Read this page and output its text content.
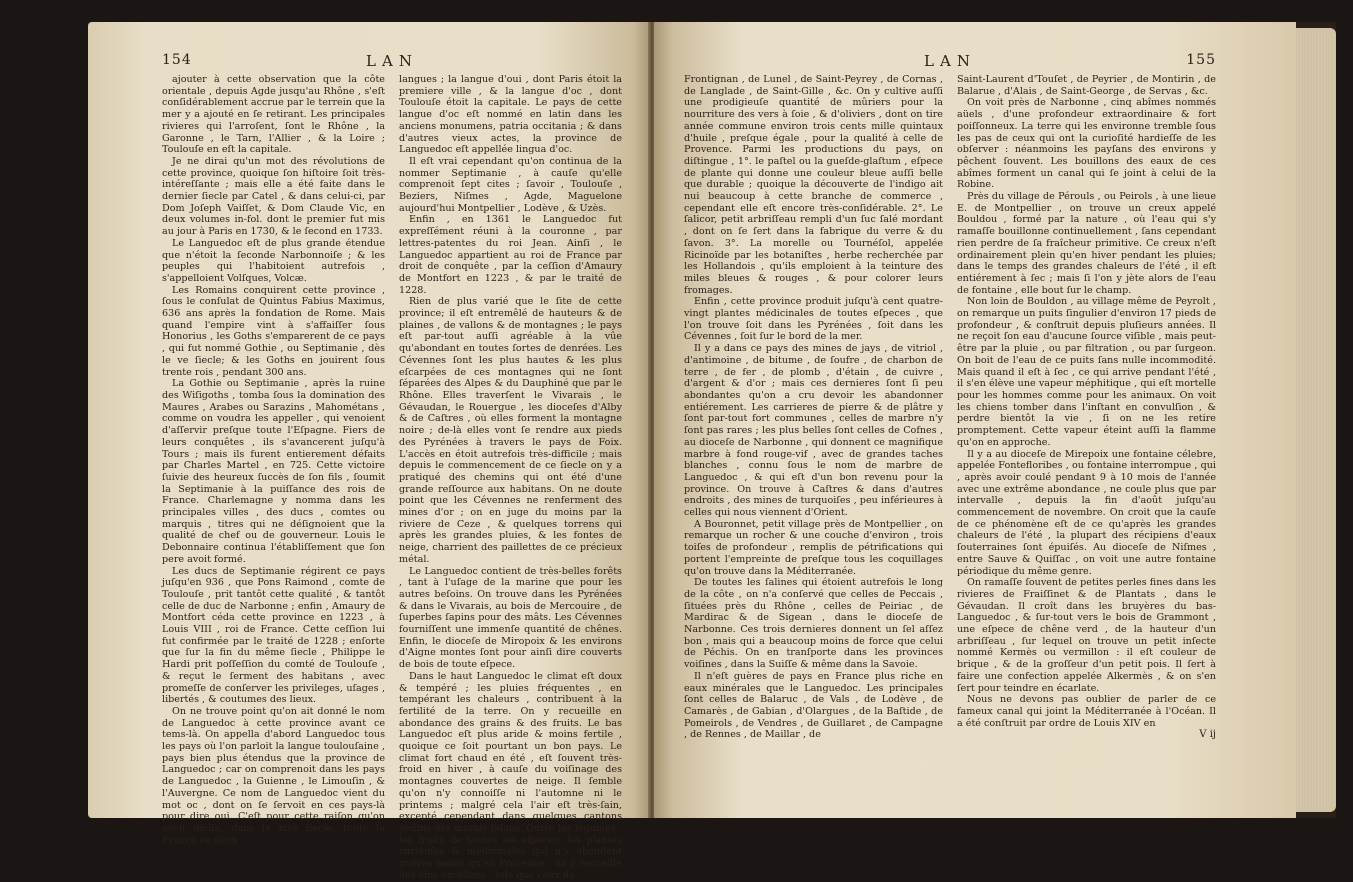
154	LAN

ajouter à cette observation que la côte orientale , depuis Agde jusqu'au Rhône , s'eſt conſidérablement accrue par le terrein que la mer y a ajouté en ſe retirant. Les principales rivieres qui l'arroſent, ſont le Rhône , la Garonne , le Tarn, l'Allier , & la Loire ; Toulouſe en eſt la capitale.

Je ne dirai qu'un mot des révolutions de cette province, quoique ſon hiſtoire ſoit très-intéreſſante ; mais elle a été faite dans le dernier ſiecle par Catel , & dans celui-ci, par Dom Joſeph Vaiſſet, & Dom Claude Vic, en deux volumes in-fol. dont le premier fut mis au jour à Paris en 1730, & le ſecond en 1733.

Le Languedoc eſt de plus grande étendue que n'étoit la ſeconde Narbonnoiſe ; & les peuples qui l'habitoient autrefois , s'appelloient Volſques, Volcæ.

Les Romains conquirent cette province , ſous le conſulat de Quintus Fabius Maximus, 636 ans après la fondation de Rome. Mais quand l'empire vint à s'affaiſſer ſous Honorius , les Goths s'emparerent de ce pays , qui fut nommé Gothie , ou Septimanie , dès le ve ſiecle; & les Goths en jouirent ſous trente rois , pendant 300 ans.

La Gothie ou Septimanie , après la ruine des Wiſigoths , tomba ſous la domination des Maures , Arabes ou Sarazins , Mahométans , comme on voudra les appeller , qui venoient d'aſſervir preſque toute l'Eſpagne. Fiers de leurs conquêtes , ils s'avancerent juſqu'à Tours ; mais ils furent entierement défaits par Charles Martel , en 725. Cette victoire ſuivie des heureux ſuccès de ſon fils , ſoumit la Septimanie à la puiſſance des rois de France. Charlemagne y nomma dans les principales villes , des ducs , comtes ou marquis , titres qui ne déſignoient que la qualité de chef ou de gouverneur. Louis le Debonnaire continua l'établiſſement que ſon pere avoit formé.

Les ducs de Septimanie régirent ce pays juſqu'en 936 , que Pons Raimond , comte de Toulouſe , prit tantôt cette qualité , & tantôt celle de duc de Narbonne ; enfin , Amaury de Montfort céda cette province en 1223 , à Louis VIII , roi de France. Cette ceſſion lui fut confirmée par le traité de 1228 ; enſorte que ſur la fin du même ſiecle , Philippe le Hardi prit poſſeſſion du comté de Toulouſe , & reçut le ſerment des habitans , avec promeſſe de conſerver les privileges, uſages , libertés , & coutumes des lieux.

On ne trouve point qu'on ait donné le nom de Languedoc à cette province avant ce tems-là. On appella d'abord Languedoc tous les pays où l'on parloit la langue toulouſaine , pays bien plus étendus que la province de Languedoc ; car on comprenoit dans les pays de Languedoc , la Guienne , le Limouſin , & l'Auvergne. Ce nom de Languedoc vient du mot oc , dont on ſe ſervoit en ces pays-là pour dire oui. C'eſt pour cette raiſon qu'on avoit diviſé, dans le xive ſiecle, toute la France en deux

langues ; la langue d'oui , dont Paris étoit la premiere ville , & la langue d'oc , dont Toulouſe étoit la capitale. Le pays de cette langue d'oc eſt nommé en latin dans les anciens monumens, patria occitania ; & dans d'autres vieux actes, la province de Languedoc eſt appellée lingua d'oc.

Il eſt vrai cependant qu'on continua de la nommer Septimanie , à cauſe qu'elle comprenoit ſept cites ; ſavoir , Toulouſe , Beziers, Niſmes , Agde, Maguelone aujourd'hui Montpellier , Lodève , & Uzès.

Enfin , en 1361 le Languedoc fut expreſſément réuni à la couronne , par lettres-patentes du roi Jean. Ainſi , le Languedoc appartient au roi de France par droit de conquête , par la ceſſion d'Amaury de Montfort en 1223 , & par le traité de 1228.

Rien de plus varié que le ſite de cette province; il eſt entremêlé de hauteurs & de plaines , de vallons & de montagnes ; le pays eſt par-tout auſſi agréable à la vûe qu'abondant en toutes ſortes de denrées. Les Cévennes ſont les plus hautes & les plus eſcarpées de ces montagnes qui ne ſont ſéparées des Alpes & du Dauphiné que par le Rhône. Elles traverſent le Vivarais , le Gévaudan, le Rouergue , les dioceſes d'Alby & de Caſtres , où elles forment la montagne noire ; de-là elles vont ſe rendre aux pieds des Pyrénées à travers le pays de Foix. L'accès en étoit autrefois très-difficile ; mais depuis le commencement de ce ſiecle on y a pratiqué des chemins qui ont été d'une grande reſſource aux habitans. On ne doute point que les Cévennes ne renferment des mines d'or ; on en juge du moins par la riviere de Ceze , & quelques torrens qui après les grandes pluies, & les fontes de neige, charrient des paillettes de ce précieux métal.

Le Languedoc contient de très-belles forêts , tant à l'uſage de la marine que pour les autres beſoins. On trouve dans les Pyrénées & dans le Vivarais, au bois de Mercouire , de ſuperbes ſapins pour des mâts. Les Cévennes fourniſſent une immenſe quantité de chênes. Enfin, le dioceſe de Miropoix & les environs d'Aigne montes ſont pour ainſi dire couverts de bois de toute eſpece.

Dans le haut Languedoc le climat eſt doux & tempéré ; les pluies fréquentes , en tempérant les chaleurs , contribuent à la fertilité de la terre. On y recueille en abondance des grains & des fruits. Le bas Languedoc eſt plus aride & moins fertile , quoique ce ſoit pourtant un bon pays. Le climat fort chaud en été , eſt ſouvent très-froid en hiver , à cauſe du voiſinage des montagnes couvertes de neige. Il ſemble qu'on n'y connoiſſe ni l'automne ni le printems ; malgré cela l'air eſt très-ſain, excepté cependant dans quelques cantons voiſins des marais ſalans. Outre les légumes , les fruits de toutes les eſpeces, les plantes curieuſes & médicinales qui n'y abondent guères moins qu'en Provence , on y recueille des vins excellens , tels que ceux de

LAN	155

Frontignan , de Lunel , de Saint-Peyrey , de Cornas , de Langlade , de Saint-Gille , &c. On y cultive auſſi une prodigieuſe quantité de mûriers pour la nourriture des vers à ſoie , & d'oliviers , dont on tire année commune environ trois cents mille quintaux d'huile , preſque égale , pour la qualité à celle de Provence. Parmi les productions du pays, on diſtingue , 1°. le paſtel ou la gueſde-glaſtum , eſpece de plante qui donne une couleur bleue auſſi belle que durable ; quoique la découverte de l'indigo ait nui beaucoup à cette branche de commerce , cependant elle eſt encore très-conſidérable. 2°. Le ſalicor, petit arbriſſeau rempli d'un ſuc ſalé mordant , dont on ſe ſert dans la fabrique du verre & du ſavon. 3°. La morelle ou Tournéſol, appelée Ricinoïde par les botaniſtes , herbe recherchée par les Hollandois , qu'ils emploient à la teinture des miles bleues & rouges , & pour colorer leurs fromages.

Enfin , cette province produit juſqu'à cent quatre-vingt plantes médicinales de toutes eſpeces , que l'on trouve ſoit dans les Pyrénées , ſoit dans les Cévennes , ſoit ſur le bord de la mer.

Il y a dans ce pays des mines de jays , de vitriol , d'antimoine , de bitume , de ſoufre , de charbon de terre , de fer , de plomb , d'étain , de cuivre , d'argent & d'or ; mais ces dernieres ſont ſi peu abondantes qu'on a cru devoir les abandonner entiérement. Les carrieres de pierre & de plâtre y ſont par-tout fort communes , celles de marbre n'y ſont pas rares ; les plus belles ſont celles de Cofnes , au dioceſe de Narbonne , qui donnent ce magnifique marbre à fond rouge-vif , avec de grandes taches blanches , connu ſous le nom de marbre de Languedoc , & qui eſt d'un bon revenu pour la province. On trouve à Caſtres & dans d'autres endroits , des mines de turquoiſes , peu inférieures à celles qui nous viennent d'Orient.

A Bouronnet, petit village près de Montpellier , on remarque un rocher & une couche d'environ , trois toiſes de profondeur , remplis de pétrifications qui portent l'empreinte de preſque tous les coquillages qu'on trouve dans la Méditerranée.

De toutes les ſalines qui étoient autrefois le long de la côte , on n'a conſervé que celles de Peccais , ſituées près du Rhône , celles de Peiriac , de Mardirac & de Sigean , dans le dioceſe de Narbonne. Ces trois dernieres donnent un ſel aſſez bon , mais qui a beaucoup moins de force que celui de Péchis. On en tranſporte dans les provinces voiſines , dans la Suiſſe & même dans la Savoie.

Il n'eſt guères de pays en France plus riche en eaux minérales que le Languedoc. Les principales ſont celles de Balaruc , de Vals , de Lodève , de Camarès , de Gabian , d'Olargues , de la Baſtide , de Pomeirols , de Vendres , de Guillaret , de Campagne , de Rennes , de Maillar , de

Saint-Laurent d'Touſet , de Peyrier , de Montirin , de Balarue , d'Alais , de Saint-George , de Servas , &c.

On voit près de Narbonne , cinq abîmes nommés aüels , d'une profondeur extraordinaire & fort poiſſonneux. La terre qui les environne tremble ſous les pas de ceux qui ont la curioſité hardieſſe de les obſerver : néanmoins les payſans des environs y pêchent ſouvent. Les bouillons des eaux de ces abîmes forment un canal qui ſe joint à celui de la Robine.

Près du village de Pérouls , ou Peirols , à une lieue E. de Montpellier , on trouve un creux appelé Bouldou , formé par la nature , où l'eau qui s'y ramaſſe bouillonne continuellement , ſans cependant rien perdre de ſa fraîcheur primitive. Ce creux n'eſt ordinairement plein qu'en hiver pendant les pluies; dans le temps des grandes chaleurs de l'été , il eſt entiérement à ſec ; mais ſi l'on y jète alors de l'eau de fontaine , elle bout ſur le champ.

Non loin de Bouldon , au village même de Peyrolt , on remarque un puits ſingulier d'environ 17 pieds de profondeur , & conſtruit depuis pluſieurs années. Il ne reçoit ſon eau d'aucune ſource viſible , mais peut-être par la pluie , ou par filtration , ou par ſurgeon. On boit de l'eau de ce puits ſans nulle incommodité. Mais quand il eſt à ſec , ce qui arrive pendant l'été , il s'en élève une vapeur méphitique , qui eſt mortelle pour les hommes comme pour les animaux. On voit les chiens tomber dans l'inſtant en convulſion , & perdre bientôt la vie , ſi on ne les retire promptement. Cette vapeur éteint auſſi la flamme qu'on en approche.

Il y a au dioceſe de Mirepoix une fontaine célebre, appelée Fontefloribes , ou fontaine interrompue , qui , après avoir coulé pendant 9 à 10 mois de l'année avec une extrême abondance , ne coule plus que par intervalle , depuis la fin d'août juſqu'au commencement de novembre. On croit que la cauſe de ce phénomène eſt de ce qu'après les grandes chaleurs de l'été , la plupart des récipiens d'eaux ſouterraines ſont épuiſés. Au dioceſe de Niſmes , entre Sauve & Quiſſac , on voit une autre fontaine périodique du même genre.

On ramaſſe ſouvent de petites perles fines dans les rivieres de Fraiſſinet & de Plantats , dans le Gévaudan. Il croît dans les bruyères du bas-Languedoc , & ſur-tout vers le bois de Grammont , une eſpece de chêne verd , de la hauteur d'un arbriſſeau , ſur lequel on trouve un petit inſecte nommé Kermès ou vermillon : il eſt couleur de brique , & de la groſſeur d'un petit pois. Il ſert à faire une confection appelée Alkermès , & on s'en ſert pour teindre en écarlate.

Nous ne devons pas oublier de parler de ce fameux canal qui joint la Méditerranée à l'Océan. Il a été conſtruit par ordre de Louis XIV en

V ij
